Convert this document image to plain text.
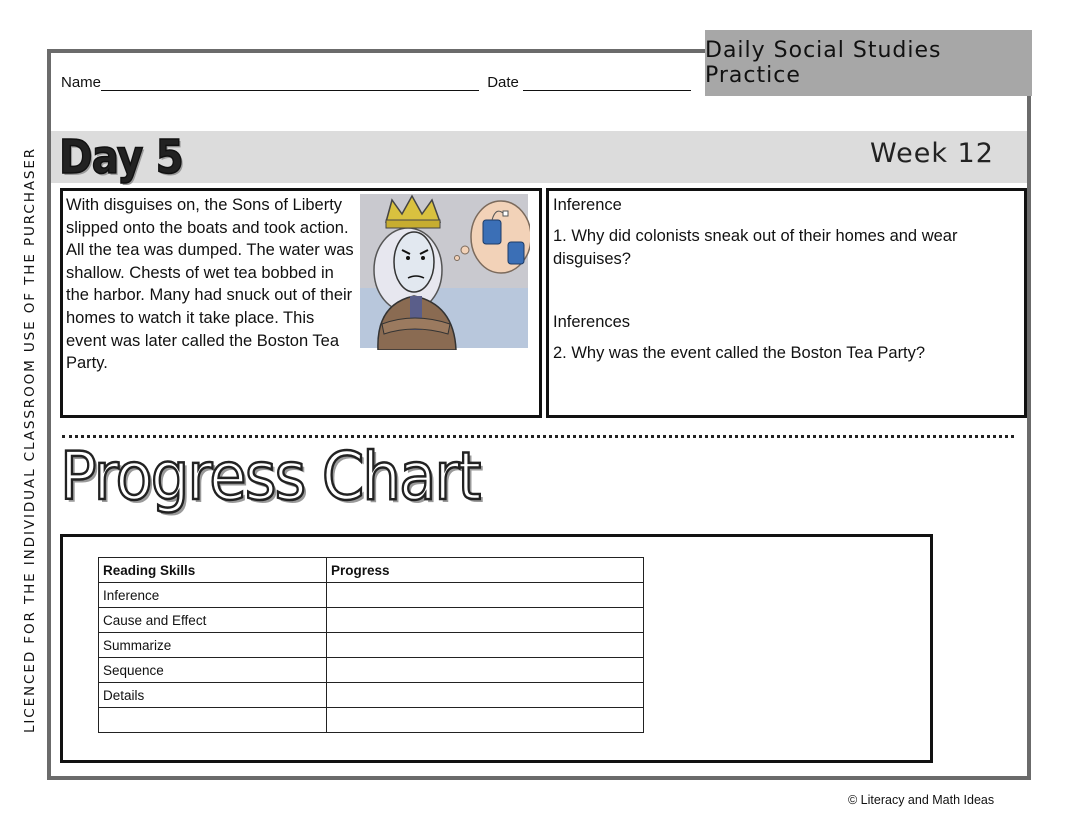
LICENCED FOR THE INDIVIDUAL CLASSROOM USE OF THE PURCHASER
Daily Social Studies Practice
Name	Date
Day 5	Week 12
With disguises on, the Sons of Liberty slipped onto the boats and took action. All the tea was dumped. The water was shallow. Chests of wet tea bobbed in the harbor. Many had snuck out of their homes to watch it take place. This event was later called the Boston Tea Party.
Inference
1. Why did colonists sneak out of their homes and wear disguises?
Inferences
2. Why was the event called the Boston Tea Party?
Progress Chart
Reading Skills	Progress
Inference	
Cause and Effect	
Summarize	
Sequence	
Details	

© Literacy and Math Ideas
